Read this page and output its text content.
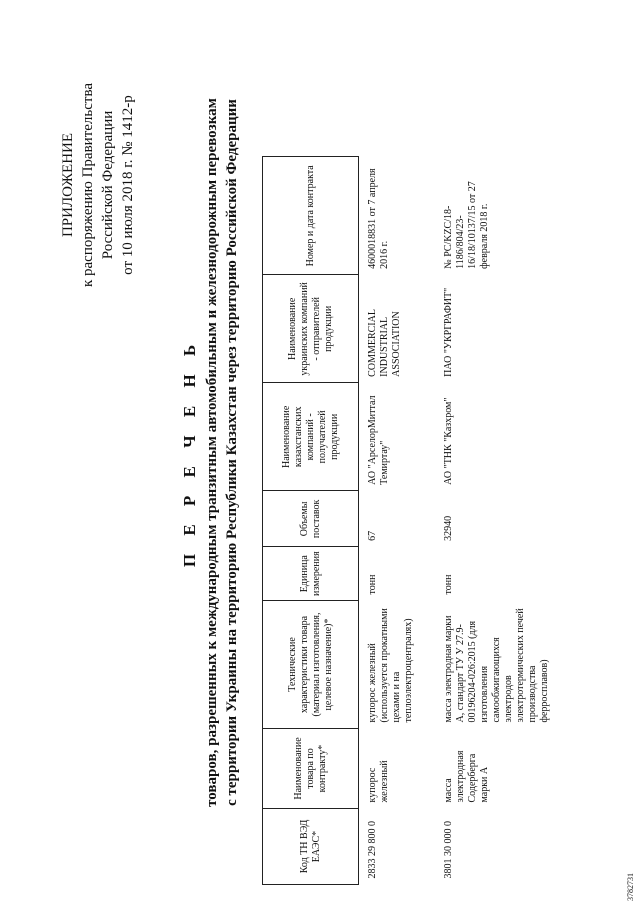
ПРИЛОЖЕНИЕ к распоряжению Правительства Российской Федерации от 10 июля 2018 г. № 1412-р
П Е Р Е Ч Е Н Ь товаров, разрешенных к международным транзитным автомобильным и железнодорожным перевозкам с территории Украины на территорию Республики Казахстан через территорию Российской Федерации
Код ТН ВЭД ЕАЭС*	Наименование товара по контракту*	Технические характеристики товара (материал изготовления, целевое назначение)*	Единица измерения	Объемы поставок	Наименование казахстанских компаний - получателей продукции	Наименование украинских компаний - отправителей продукции	Номер и дата контракта
2833 29 800 0	купорос железный	купорос железный (используется прокатными цехами и на теплоэлектроцентралях)	тонн	67	АО "АрселорМиттал Темиртау"	COMMERCIAL INDUSTRIAL ASSOCIATION	4600018831 от 7 апреля 2016 г.
3801 30 000 0	масса электродная Содерберга марки А	масса электродная марки А, стандарт ТУ У 27.9-00196204-026:2015 (для изготовления самообжигающихся электродов электротермических печей производства ферросплавов)	тонн	32940	АО "ТНК "Казхром"	ПАО "УКРГРАФИТ"	№ PC/KZC/18-1186/804/23-16/18/10137/15 от 27 февраля 2018 г.
3782731
